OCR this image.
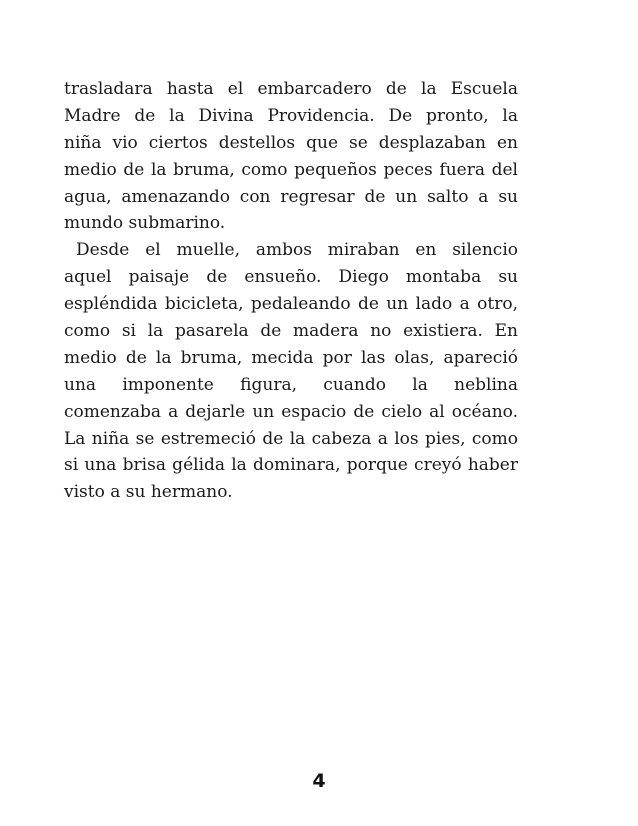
trasladara hasta el embarcadero de la Escuela
Madre de la Divina Providencia. De pronto, la
niña vio ciertos destellos que se desplazaban en
medio de la bruma, como pequeños peces fuera del
agua, amenazando con regresar de un salto a su
mundo submarino.
Desde el muelle, ambos miraban en silencio
aquel paisaje de ensueño. Diego montaba su
espléndida bicicleta, pedaleando de un lado a otro,
como si la pasarela de madera no existiera. En
medio de la bruma, mecida por las olas, apareció
una imponente figura, cuando la neblina
comenzaba a dejarle un espacio de cielo al océano.
La niña se estremeció de la cabeza a los pies, como
si una brisa gélida la dominara, porque creyó haber
visto a su hermano.
4
